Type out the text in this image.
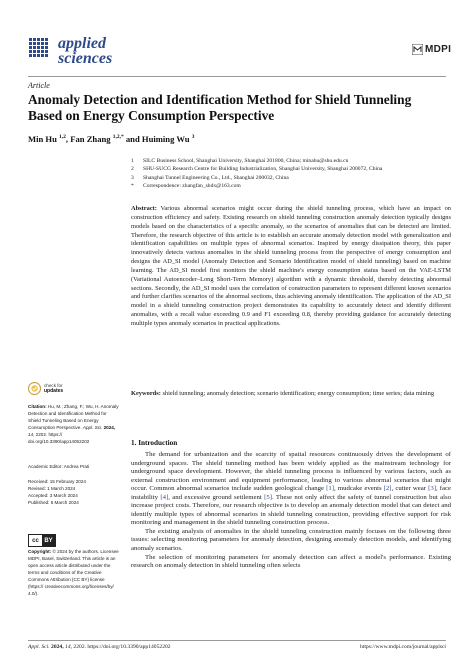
applied
sciences
MDPI
Article
Anomaly Detection and Identification Method for Shield Tunneling Based on Energy Consumption Perspective
Min Hu $^{1,2}$, Fan Zhang $^{1,2,*}$ and Huiming Wu $^3$
1	SILC Business School, Shanghai University, Shanghai 201800, China; minahu@shu.edu.cn
2	SHU-SUCG Research Centre for Building Industrialization, Shanghai University, Shanghai 200072, China
3	Shanghai Tunnel Engineering Co., Ltd., Shanghai 200032, China
*	Correspondence: zhangfan_shdx@163.com

Abstract: Various abnormal scenarios might occur during the shield tunneling process, which have an impact on construction efficiency and safety. Existing research on shield tunneling construction anomaly detection typically designs models based on the characteristics of a specific anomaly, so the scenarios of anomalies that can be detected are limited. Therefore, the research objective of this article is to establish an accurate anomaly detection model with generalization and identification capabilities on multiple types of abnormal scenarios. Inspired by energy dissipation theory, this paper innovatively detects various anomalies in the shield tunneling process from the perspective of energy consumption and designs the AD_SI model (Anomaly Detection and Scenario Identification model of shield tunneling) based on machine learning. The AD_SI model first monitors the shield machine's energy consumption status based on the VAE-LSTM (Variational Autoencoder–Long Short-Term Memory) algorithm with a dynamic threshold, thereby detecting abnormal sections. Secondly, the AD_SI model uses the correlation of construction parameters to represent different known scenarios and further clarifies scenarios of the abnormal sections, thus achieving anomaly identification. The application of the AD_SI model in a shield tunneling construction project demonstrates its capability to accurately detect and identify different anomalies, with a recall value exceeding 0.9 and F1 exceeding 0.8, thereby providing guidance for accurately detecting multiple types anomaly scenarios in practical applications.

Keywords: shield tunneling; anomaly detection; scenario identification; energy consumption; time series; data mining

1. Introduction

The demand for urbanization and the scarcity of spatial resources continuously drives the development of underground spaces. The shield tunneling method has been widely applied as the mainstream technology for underground space development. However, the shield tunneling process is influenced by various factors, such as external construction environment and equipment performance, leading to various abnormal scenarios that might occur. Common abnormal scenarios include sudden geological change [1], mudcake events [2], cutter wear [3], face instability [4], and excessive ground settlement [5]. These not only affect the safety of tunnel construction but also increase project costs. Therefore, our research objective is to develop an anomaly detection model that can detect and identify multiple types of abnormal scenarios in shield tunneling construction, providing effective support for risk monitoring and management in the shield tunneling construction process.

The existing analysis of anomalies in the shield tunneling construction mainly focuses on the following three issues: selecting monitoring parameters for anomaly detection, designing anomaly detection models, and identifying anomaly scenarios.

The selection of monitoring parameters for anomaly detection can affect a model's performance. Existing research on anomaly detection in shield tunneling often selects

check for
updates
Citation: Hu, M.; Zhang, F.; Wu, H. Anomaly Detection and Identification Method for Shield Tunneling Based on Energy Consumption Perspective. Appl. Sci. 2024, 14, 2202. https:// doi.org/10.3390/app14052202
Academic Editor: Andrea Prati
Received: 15 February 2024
Revised: 1 March 2024
Accepted: 3 March 2024
Published: 6 March 2024
cc BY
Copyright: © 2024 by the authors. Licensee MDPI, Basel, Switzerland. This article is an open access article distributed under the terms and conditions of the Creative Commons Attribution (CC BY) license (https:// creativecommons.org/licenses/by/ 4.0/).
Appl. Sci. 2024, 14, 2202. https://doi.org/10.3390/app14052202	https://www.mdpi.com/journal/applsci
